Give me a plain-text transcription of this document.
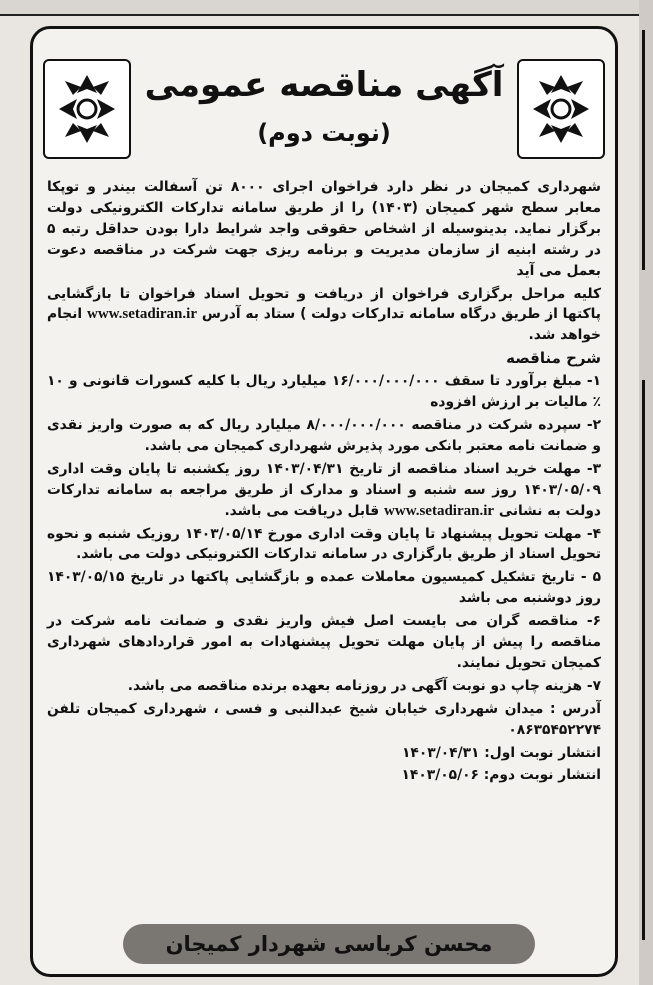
آگهی مناقصه عمومی
(نوبت دوم)

شهرداری کمیجان در نظر دارد فراخوان اجرای ۸۰۰۰ تن آسفالت بیندر و توپکا معابر سطح شهر کمیجان (۱۴۰۳) را از طریق سامانه تدارکات الکترونیکی دولت برگزار نماید. بدینوسیله از اشخاص حقوقی واجد شرایط دارا بودن حداقل رتبه ۵ در رشته ابنیه از سازمان مدیریت و برنامه ریزی جهت شرکت در مناقصه دعوت بعمل می آید

کلیه مراحل برگزاری فراخوان از دریافت و تحویل اسناد فراخوان تا بازگشایی پاکتها از طریق درگاه سامانه تدارکات دولت ) ستاد به آدرس www.setadiran.ir انجام خواهد شد.

شرح مناقصه

۱- مبلغ برآورد تا سقف ۱۶/۰۰۰/۰۰۰/۰۰۰ میلیارد ریال با کلیه کسورات قانونی و ۱۰ ٪ مالیات بر ارزش افزوده

۲- سپرده شرکت در مناقصه ۸/۰۰۰/۰۰۰/۰۰۰ میلیارد ریال که به صورت واریز نقدی و ضمانت نامه معتبر بانکی مورد پذیرش شهرداری کمیجان می باشد.

۳- مهلت خرید اسناد مناقصه از تاریخ ۱۴۰۳/۰۴/۳۱ روز یکشنبه تا پایان وقت اداری ۱۴۰۳/۰۵/۰۹ روز سه شنبه و اسناد و مدارک از طریق مراجعه به سامانه تدارکات دولت به نشانی www.setadiran.ir قابل دریافت می باشد.

۴- مهلت تحویل پیشنهاد تا پایان وقت اداری مورخ ۱۴۰۳/۰۵/۱۴ روزیک شنبه و نحوه تحویل اسناد از طریق بارگزاری در سامانه تدارکات الکترونیکی دولت می باشد.

۵ - تاریخ تشکیل کمیسیون معاملات عمده و بازگشایی پاکتها در تاریخ ۱۴۰۳/۰۵/۱۵ روز دوشنبه می باشد

۶- مناقصه گران می بایست اصل فیش واریز نقدی و ضمانت نامه شرکت در مناقصه را پیش از پایان مهلت تحویل پیشنهادات به امور قراردادهای شهرداری کمیجان تحویل نمایند.

۷- هزینه چاپ دو نوبت آگهی در روزنامه بعهده برنده مناقصه می باشد.

آدرس : میدان شهرداری خیابان شیخ عبدالنبی و فسی ، شهرداری کمیجان تلفن ۰۸۶۳۵۴۵۲۲۷۴

انتشار نوبت اول: ۱۴۰۳/۰۴/۳۱

انتشار نوبت دوم: ۱۴۰۳/۰۵/۰۶

محسن کرباسی شهردار کمیجان
